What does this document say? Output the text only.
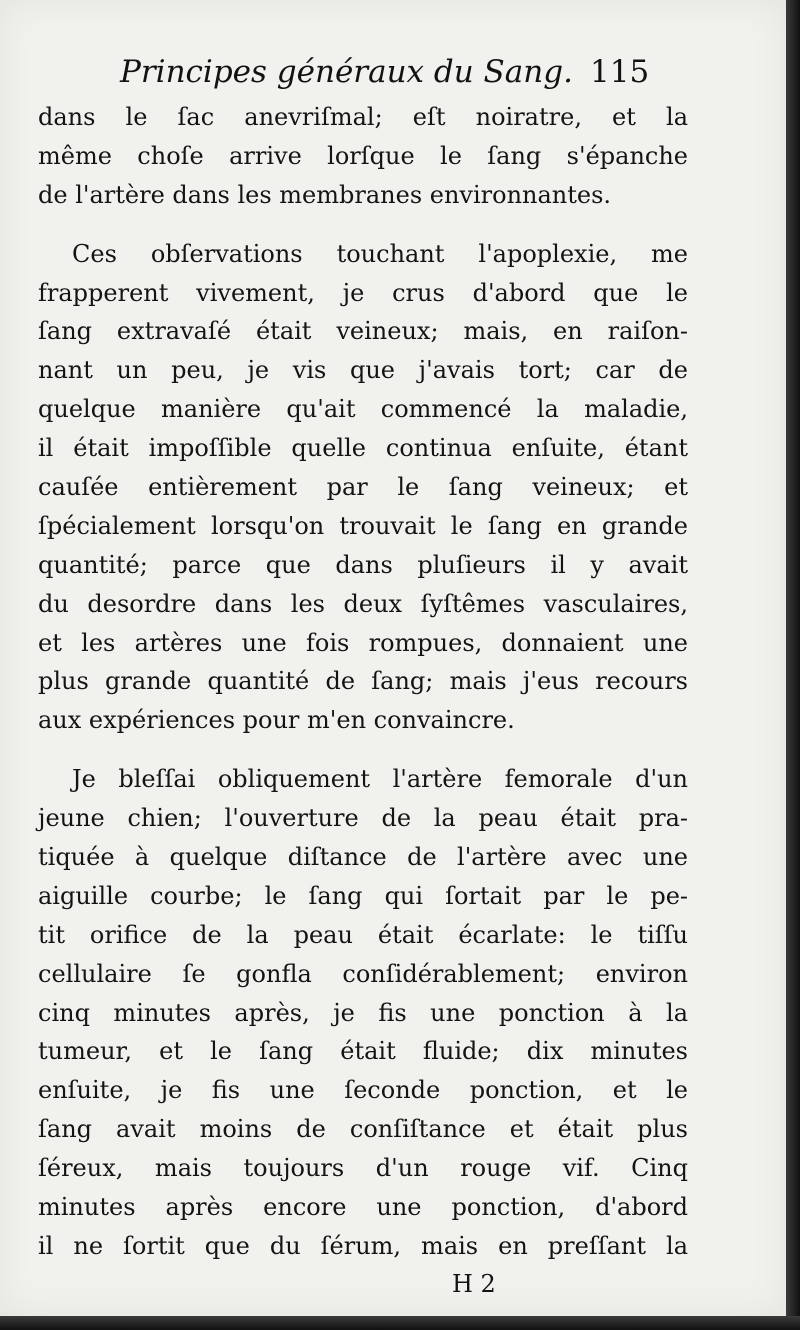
Principes généraux du Sang. 115
dans le ſac anevriſmal; eſt noiratre, et la
même choſe arrive lorſque le ſang s'épanche
de l'artère dans les membranes environnantes.
Ces obſervations touchant l'apoplexie, me
frapperent vivement, je crus d'abord que le
ſang extravaſé était veineux; mais, en raiſon-
nant un peu, je vis que j'avais tort; car de
quelque manière qu'ait commencé la maladie,
il était impoſſible quelle continua enſuite, étant
cauſée entièrement par le ſang veineux; et
ſpécialement lorsqu'on trouvait le ſang en grande
quantité; parce que dans pluſieurs il y avait
du desordre dans les deux ſyſtêmes vasculaires,
et les artères une fois rompues, donnaient une
plus grande quantité de ſang; mais j'eus recours
aux expériences pour m'en convaincre.
Je bleſſai obliquement l'artère femorale d'un
jeune chien; l'ouverture de la peau était pra-
tiquée à quelque diſtance de l'artère avec une
aiguille courbe; le ſang qui ſortait par le pe-
tit orifice de la peau était écarlate: le tiſſu
cellulaire ſe gonfla conſidérablement; environ
cinq minutes après, je fis une ponction à la
tumeur, et le ſang était fluide; dix minutes
enſuite, je fis une ſeconde ponction, et le
ſang avait moins de conſiſtance et était plus
ſéreux, mais toujours d'un rouge vif. Cinq
minutes après encore une ponction, d'abord
il ne ſortit que du ſérum, mais en preſſant la
H 2
